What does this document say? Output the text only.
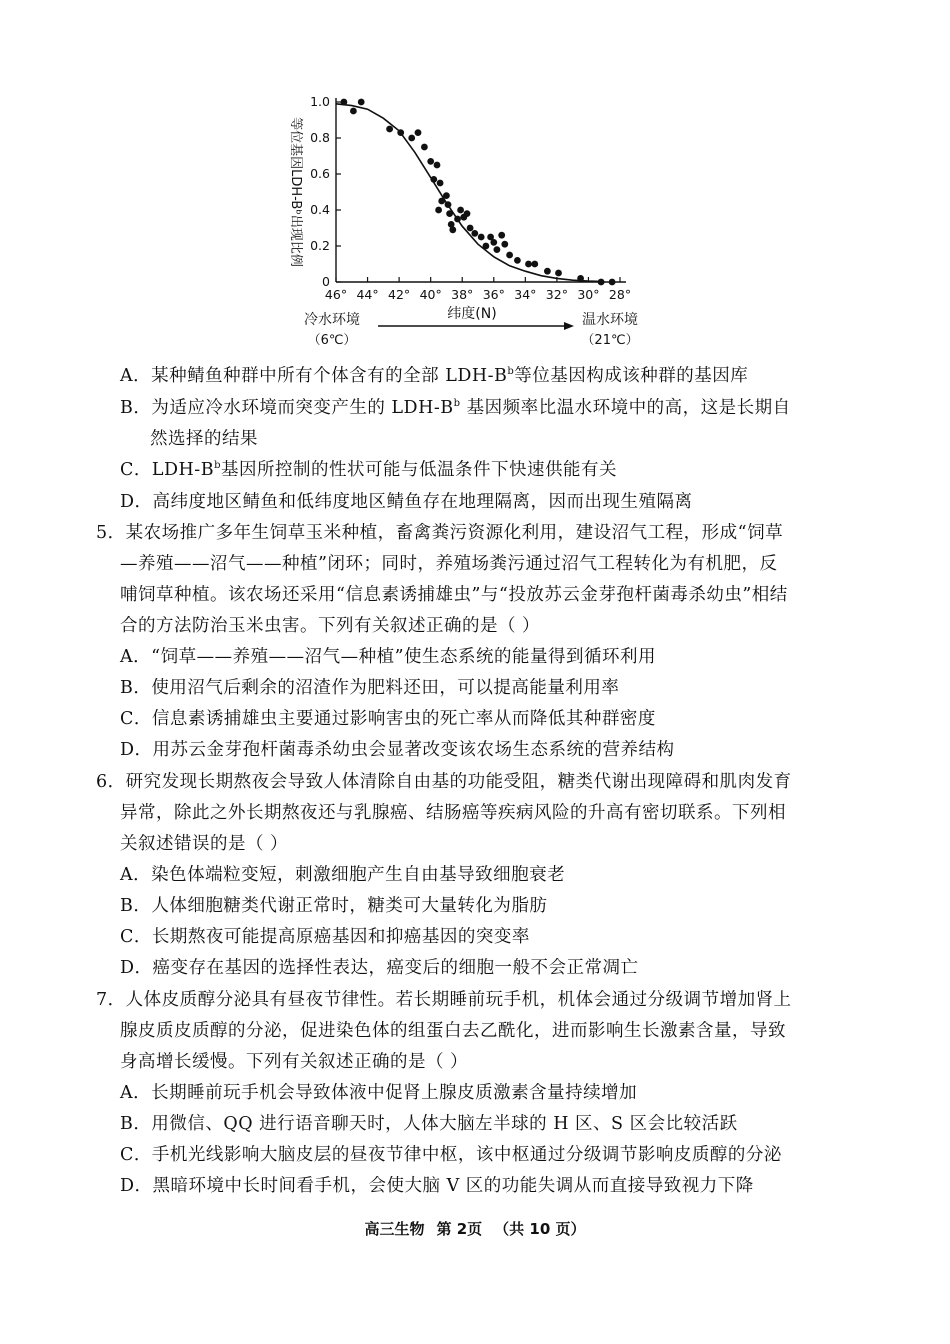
0
0.2
0.4
0.6
0.8
1.0
46° 44° 42° 40° 38° 36° 34° 32° 30° 28°
等位基因LDH-Bᵇ出现比例
冷水环境
（6℃）
纬度(N)	温水环境
（21℃）
A．某种鲭鱼种群中所有个体含有的全部 LDH-$B^b$等位基因构成该种群的基因库
B．为适应冷水环境而突变产生的 LDH-$B^b$ 基因频率比温水环境中的高，这是长期自
然选择的结果
C．LDH-$B^b$基因所控制的性状可能与低温条件下快速供能有关
D．高纬度地区鲭鱼和低纬度地区鲭鱼存在地理隔离，因而出现生殖隔离
5．某农场推广多年生饲草玉米种植，畜禽粪污资源化利用，建设沼气工程，形成“饲草
—养殖——沼气——种植”闭环；同时，养殖场粪污通过沼气工程转化为有机肥，反
哺饲草种植。该农场还采用“信息素诱捕雄虫”与“投放苏云金芽孢杆菌毒杀幼虫”相结
合的方法防治玉米虫害。下列有关叙述正确的是（ ）
A．“饲草——养殖——沼气—种植”使生态系统的能量得到循环利用
B．使用沼气后剩余的沼渣作为肥料还田，可以提高能量利用率
C．信息素诱捕雄虫主要通过影响害虫的死亡率从而降低其种群密度
D．用苏云金芽孢杆菌毒杀幼虫会显著改变该农场生态系统的营养结构
6．研究发现长期熬夜会导致人体清除自由基的功能受阻，糖类代谢出现障碍和肌肉发育
异常，除此之外长期熬夜还与乳腺癌、结肠癌等疾病风险的升高有密切联系。下列相
关叙述错误的是（ ）
A．染色体端粒变短，刺激细胞产生自由基导致细胞衰老
B．人体细胞糖类代谢正常时，糖类可大量转化为脂肪
C．长期熬夜可能提高原癌基因和抑癌基因的突变率
D．癌变存在基因的选择性表达，癌变后的细胞一般不会正常凋亡
7．人体皮质醇分泌具有昼夜节律性。若长期睡前玩手机，机体会通过分级调节增加肾上
腺皮质皮质醇的分泌，促进染色体的组蛋白去乙酰化，进而影响生长激素含量，导致
身高增长缓慢。下列有关叙述正确的是（ ）
A．长期睡前玩手机会导致体液中促肾上腺皮质激素含量持续增加
B．用微信、QQ 进行语音聊天时，人体大脑左半球的 H 区、S 区会比较活跃
C．手机光线影响大脑皮层的昼夜节律中枢，该中枢通过分级调节影响皮质醇的分泌
D．黑暗环境中长时间看手机，会使大脑 V 区的功能失调从而直接导致视力下降
高三生物 第 2页 （共 10 页）
